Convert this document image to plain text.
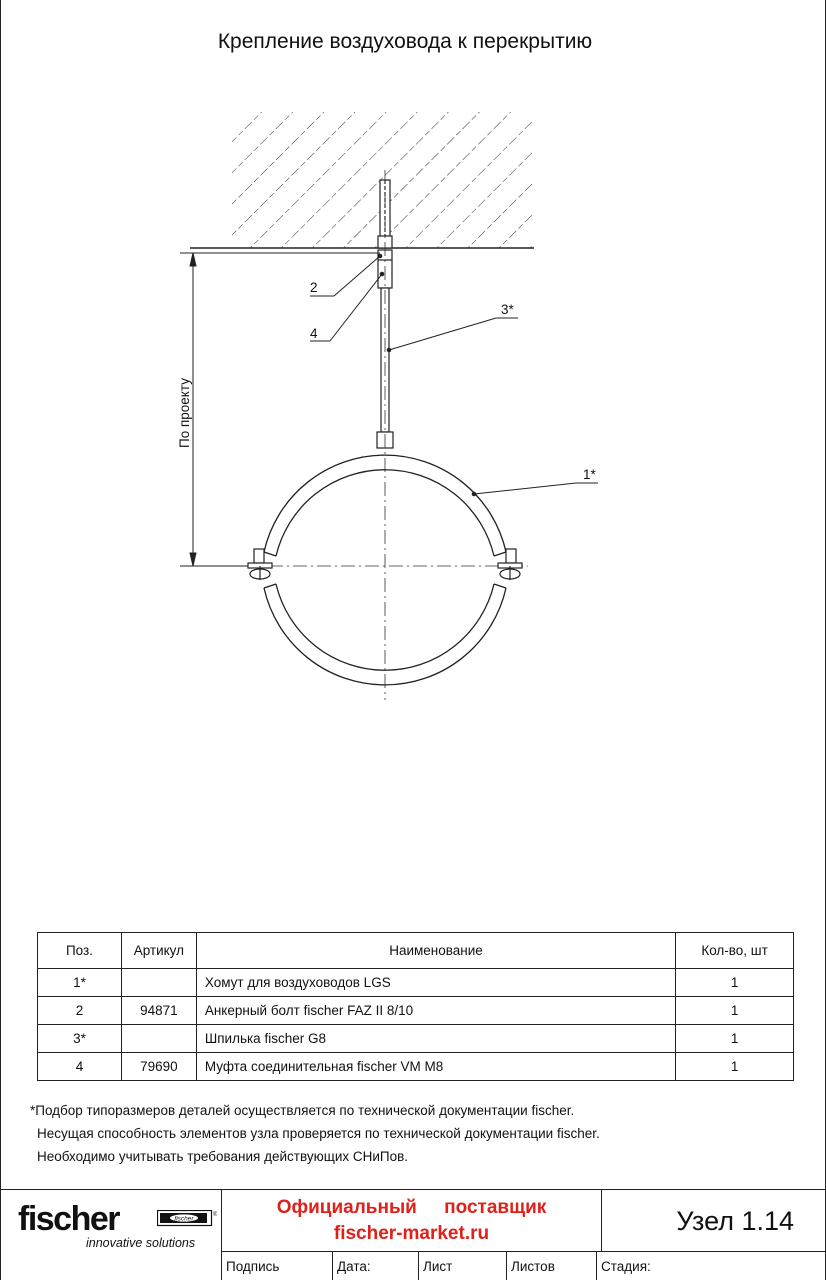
Крепление воздуховода к перекрытию
По проекту
2
4
3*
1*
Поз.	Артикул	Наименование	Кол-во, шт
1*		Хомут для воздуховодов LGS	1
2	94871	Анкерный болт fischer FAZ II 8/10	1
3*		Шпилька fischer G8	1
4	79690	Муфта соединительная fischer VM M8	1
*Подбор типоразмеров деталей осуществляется по технической документации fischer.
Несущая способность элементов узла проверяется по технической документации fischer.
Необходимо учитывать требования действующих СНиПов.
fischer	fischer
®
innovative solutions
Официальный поставщик
fischer-market.ru	Узел 1.14
Подпись	Дата:	Лист	Листов	Стадия:
